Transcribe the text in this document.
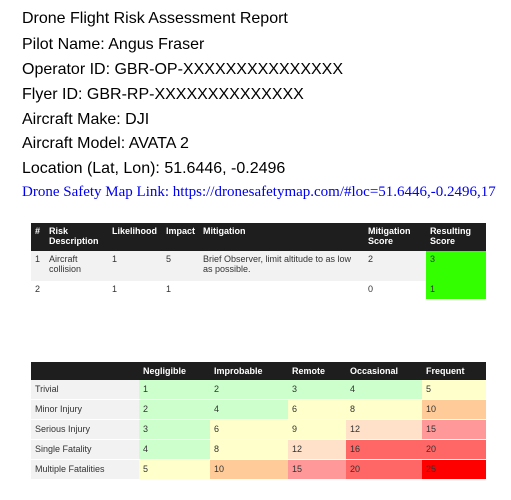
Drone Flight Risk Assessment Report
Pilot Name: Angus Fraser
Operator ID: GBR-OP-XXXXXXXXXXXXXXX
Flyer ID: GBR-RP-XXXXXXXXXXXXXX
Aircraft Make: DJI
Aircraft Model: AVATA 2
Location (Lat, Lon): 51.6446, -0.2496
Drone Safety Map Link: https://dronesafetymap.com/#loc=51.6446,-0.2496,17
#	Risk Description	Likelihood	Impact	Mitigation	Mitigation Score	Resulting Score
1	Aircraft collision	1	5	Brief Observer, limit altitude to as low as possible.	2	3
2		1	1		0	1
	Negligible	Improbable	Remote	Occasional	Frequent
Trivial	1	2	3	4	5
Minor Injury	2	4	6	8	10
Serious Injury	3	6	9	12	15
Single Fatality	4	8	12	16	20
Multiple Fatalities	5	10	15	20	25
